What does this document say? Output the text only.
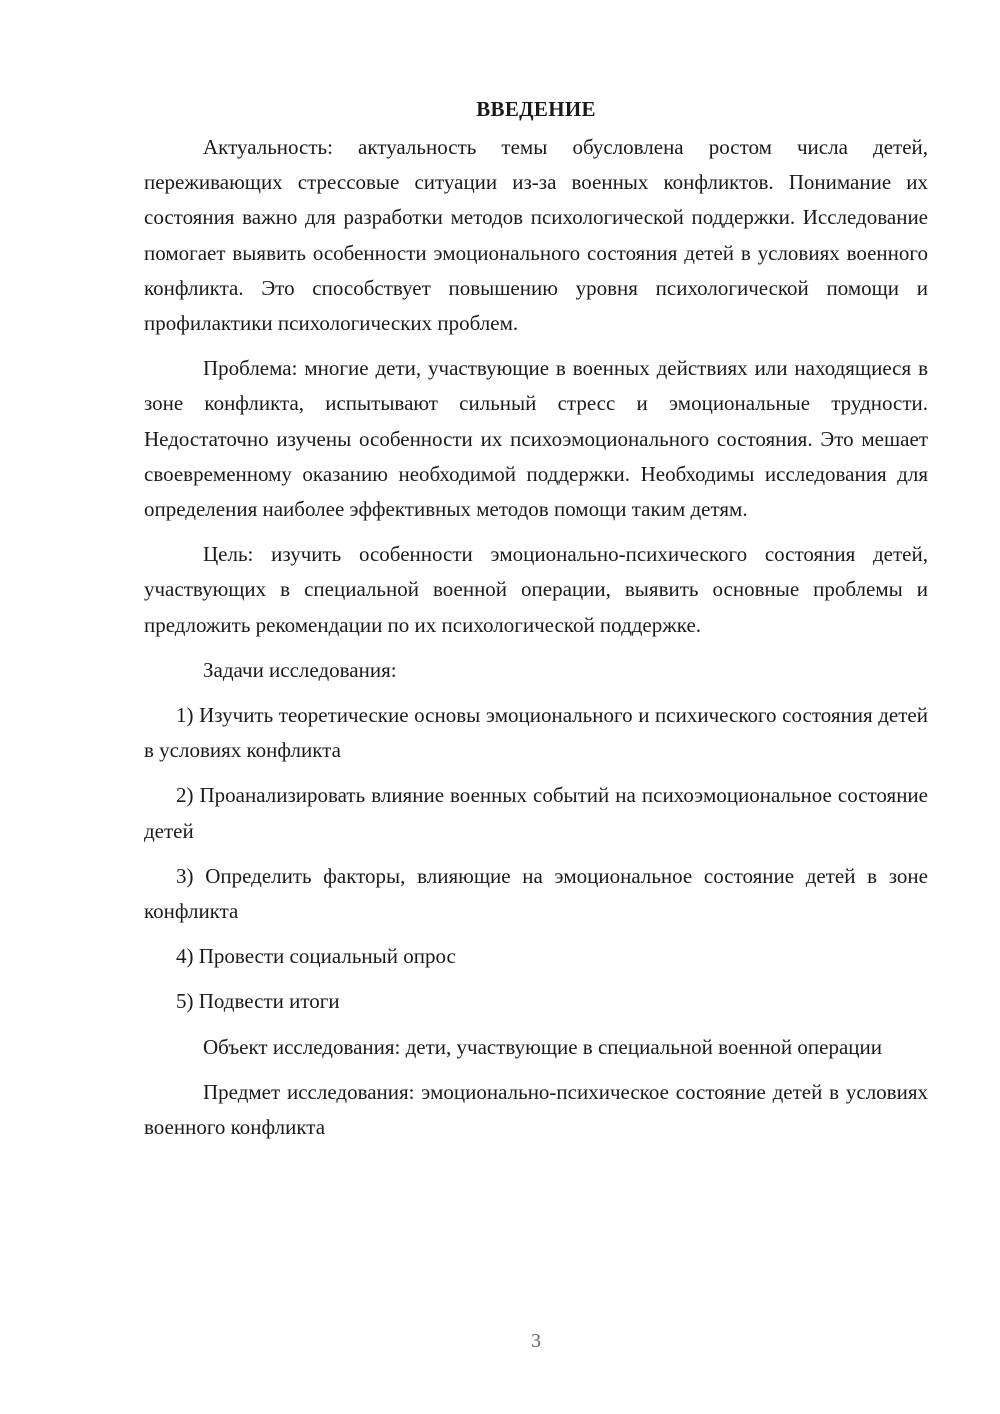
ВВЕДЕНИЕ

Актуальность: актуальность темы обусловлена ростом числа детей, переживающих стрессовые ситуации из-за военных конфликтов. Понимание их состояния важно для разработки методов психологической поддержки. Исследование помогает выявить особенности эмоционального состояния детей в условиях военного конфликта. Это способствует повышению уровня психологической помощи и профилактики психологических проблем.

Проблема: многие дети, участвующие в военных действиях или находящиеся в зоне конфликта, испытывают сильный стресс и эмоциональные трудности. Недостаточно изучены особенности их психоэмоционального состояния. Это мешает своевременному оказанию необходимой поддержки. Необходимы исследования для определения наиболее эффективных методов помощи таким детям.

Цель: изучить особенности эмоционально-психического состояния детей, участвующих в специальной военной операции, выявить основные проблемы и предложить рекомендации по их психологической поддержке.

Задачи исследования:

1) Изучить теоретические основы эмоционального и психического состояния детей в условиях конфликта

2) Проанализировать влияние военных событий на психоэмоциональное состояние детей

3) Определить факторы, влияющие на эмоциональное состояние детей в зоне конфликта

4) Провести социальный опрос

5) Подвести итоги

Объект исследования: дети, участвующие в специальной военной операции

Предмет исследования: эмоционально-психическое состояние детей в условиях военного конфликта

3
